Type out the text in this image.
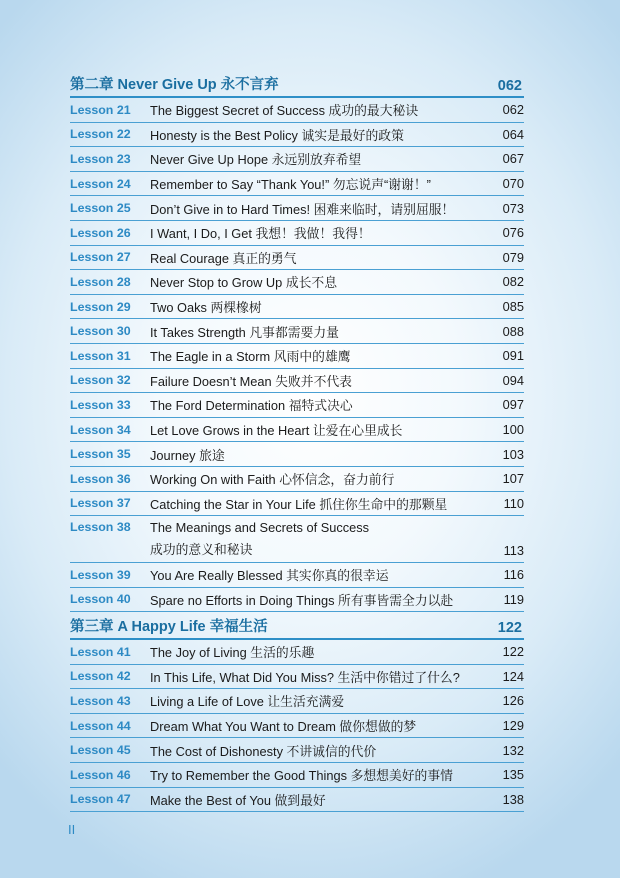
第二章 Never Give Up 永不言弃	062
Lesson 21	The Biggest Secret of Success 成功的最大秘诀	062
Lesson 22	Honesty is the Best Policy 诚实是最好的政策	064
Lesson 23	Never Give Up Hope 永远别放弃希望	067
Lesson 24	Remember to Say “Thank You!” 勿忘说声“谢谢！”	070
Lesson 25	Don’t Give in to Hard Times! 困难来临时，请别屈服！	073
Lesson 26	I Want, I Do, I Get 我想！我做！我得！	076
Lesson 27	Real Courage 真正的勇气	079
Lesson 28	Never Stop to Grow Up 成长不息	082
Lesson 29	Two Oaks 两棵橡树	085
Lesson 30	It Takes Strength 凡事都需要力量	088
Lesson 31	The Eagle in a Storm 风雨中的雄鹰	091
Lesson 32	Failure Doesn’t Mean 失败并不代表	094
Lesson 33	The Ford Determination 福特式决心	097
Lesson 34	Let Love Grows in the Heart 让爱在心里成长	100
Lesson 35	Journey 旅途	103
Lesson 36	Working On with Faith 心怀信念，奋力前行	107
Lesson 37	Catching the Star in Your Life 抓住你生命中的那颗星	110
Lesson 38	The Meanings and Secrets of Success
成功的意义和秘诀	113
Lesson 39	You Are Really Blessed 其实你真的很幸运	116
Lesson 40	Spare no Efforts in Doing Things 所有事皆需全力以赴	119
第三章 A Happy Life 幸福生活	122
Lesson 41	The Joy of Living 生活的乐趣	122
Lesson 42	In This Life, What Did You Miss? 生活中你错过了什么?	124
Lesson 43	Living a Life of Love 让生活充满爱	126
Lesson 44	Dream What You Want to Dream 做你想做的梦	129
Lesson 45	The Cost of Dishonesty 不讲诚信的代价	132
Lesson 46	Try to Remember the Good Things 多想想美好的事情	135
Lesson 47	Make the Best of You 做到最好	138
II
